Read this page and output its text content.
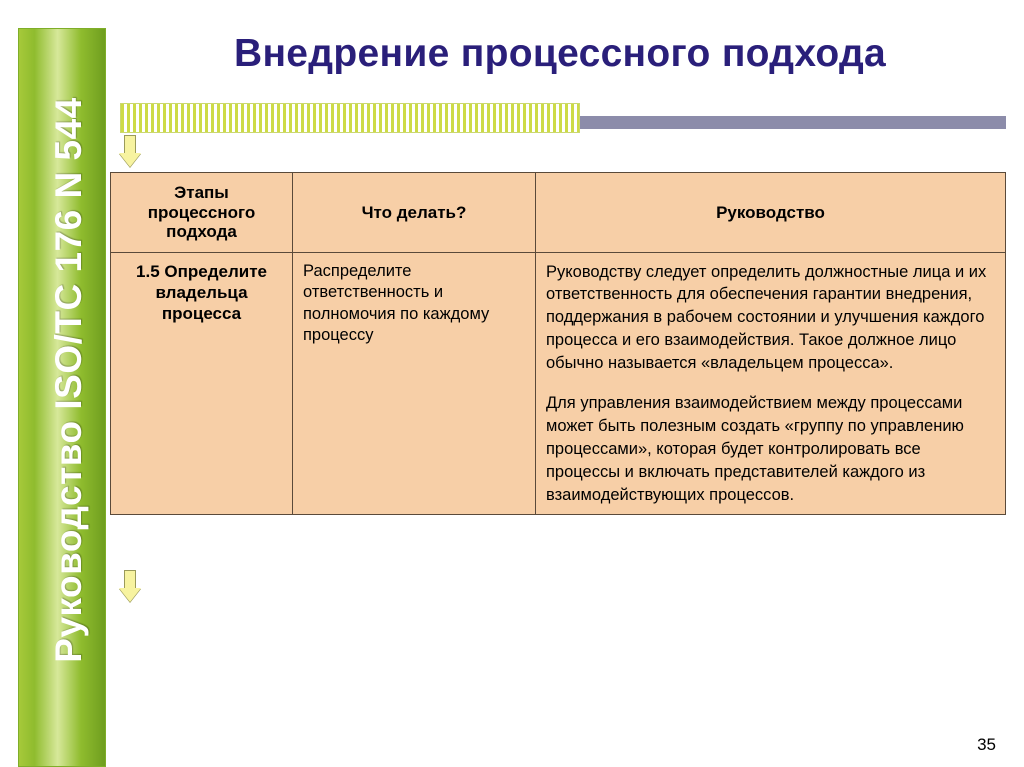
Руководство ISO/TC 176 N 544
Внедрение процессного подхода
Этапы процессного подхода	Что делать?	Руководство
1.5 Определите владельца процесса	Распределите ответственность и полномочия по каждому процессу	Руководству следует определить должностные лица и их ответственность для обеспечения гарантии внедрения, поддержания в рабочем состоянии и улучшения каждого процесса и его взаимодействия. Такое должное лицо обычно называется «владельцем процесса».

Для управления взаимодействием между процессами может быть полезным создать «группу по управлению процессами», которая будет контролировать все процессы и включать представителей каждого из взаимодействующих процессов.

35
